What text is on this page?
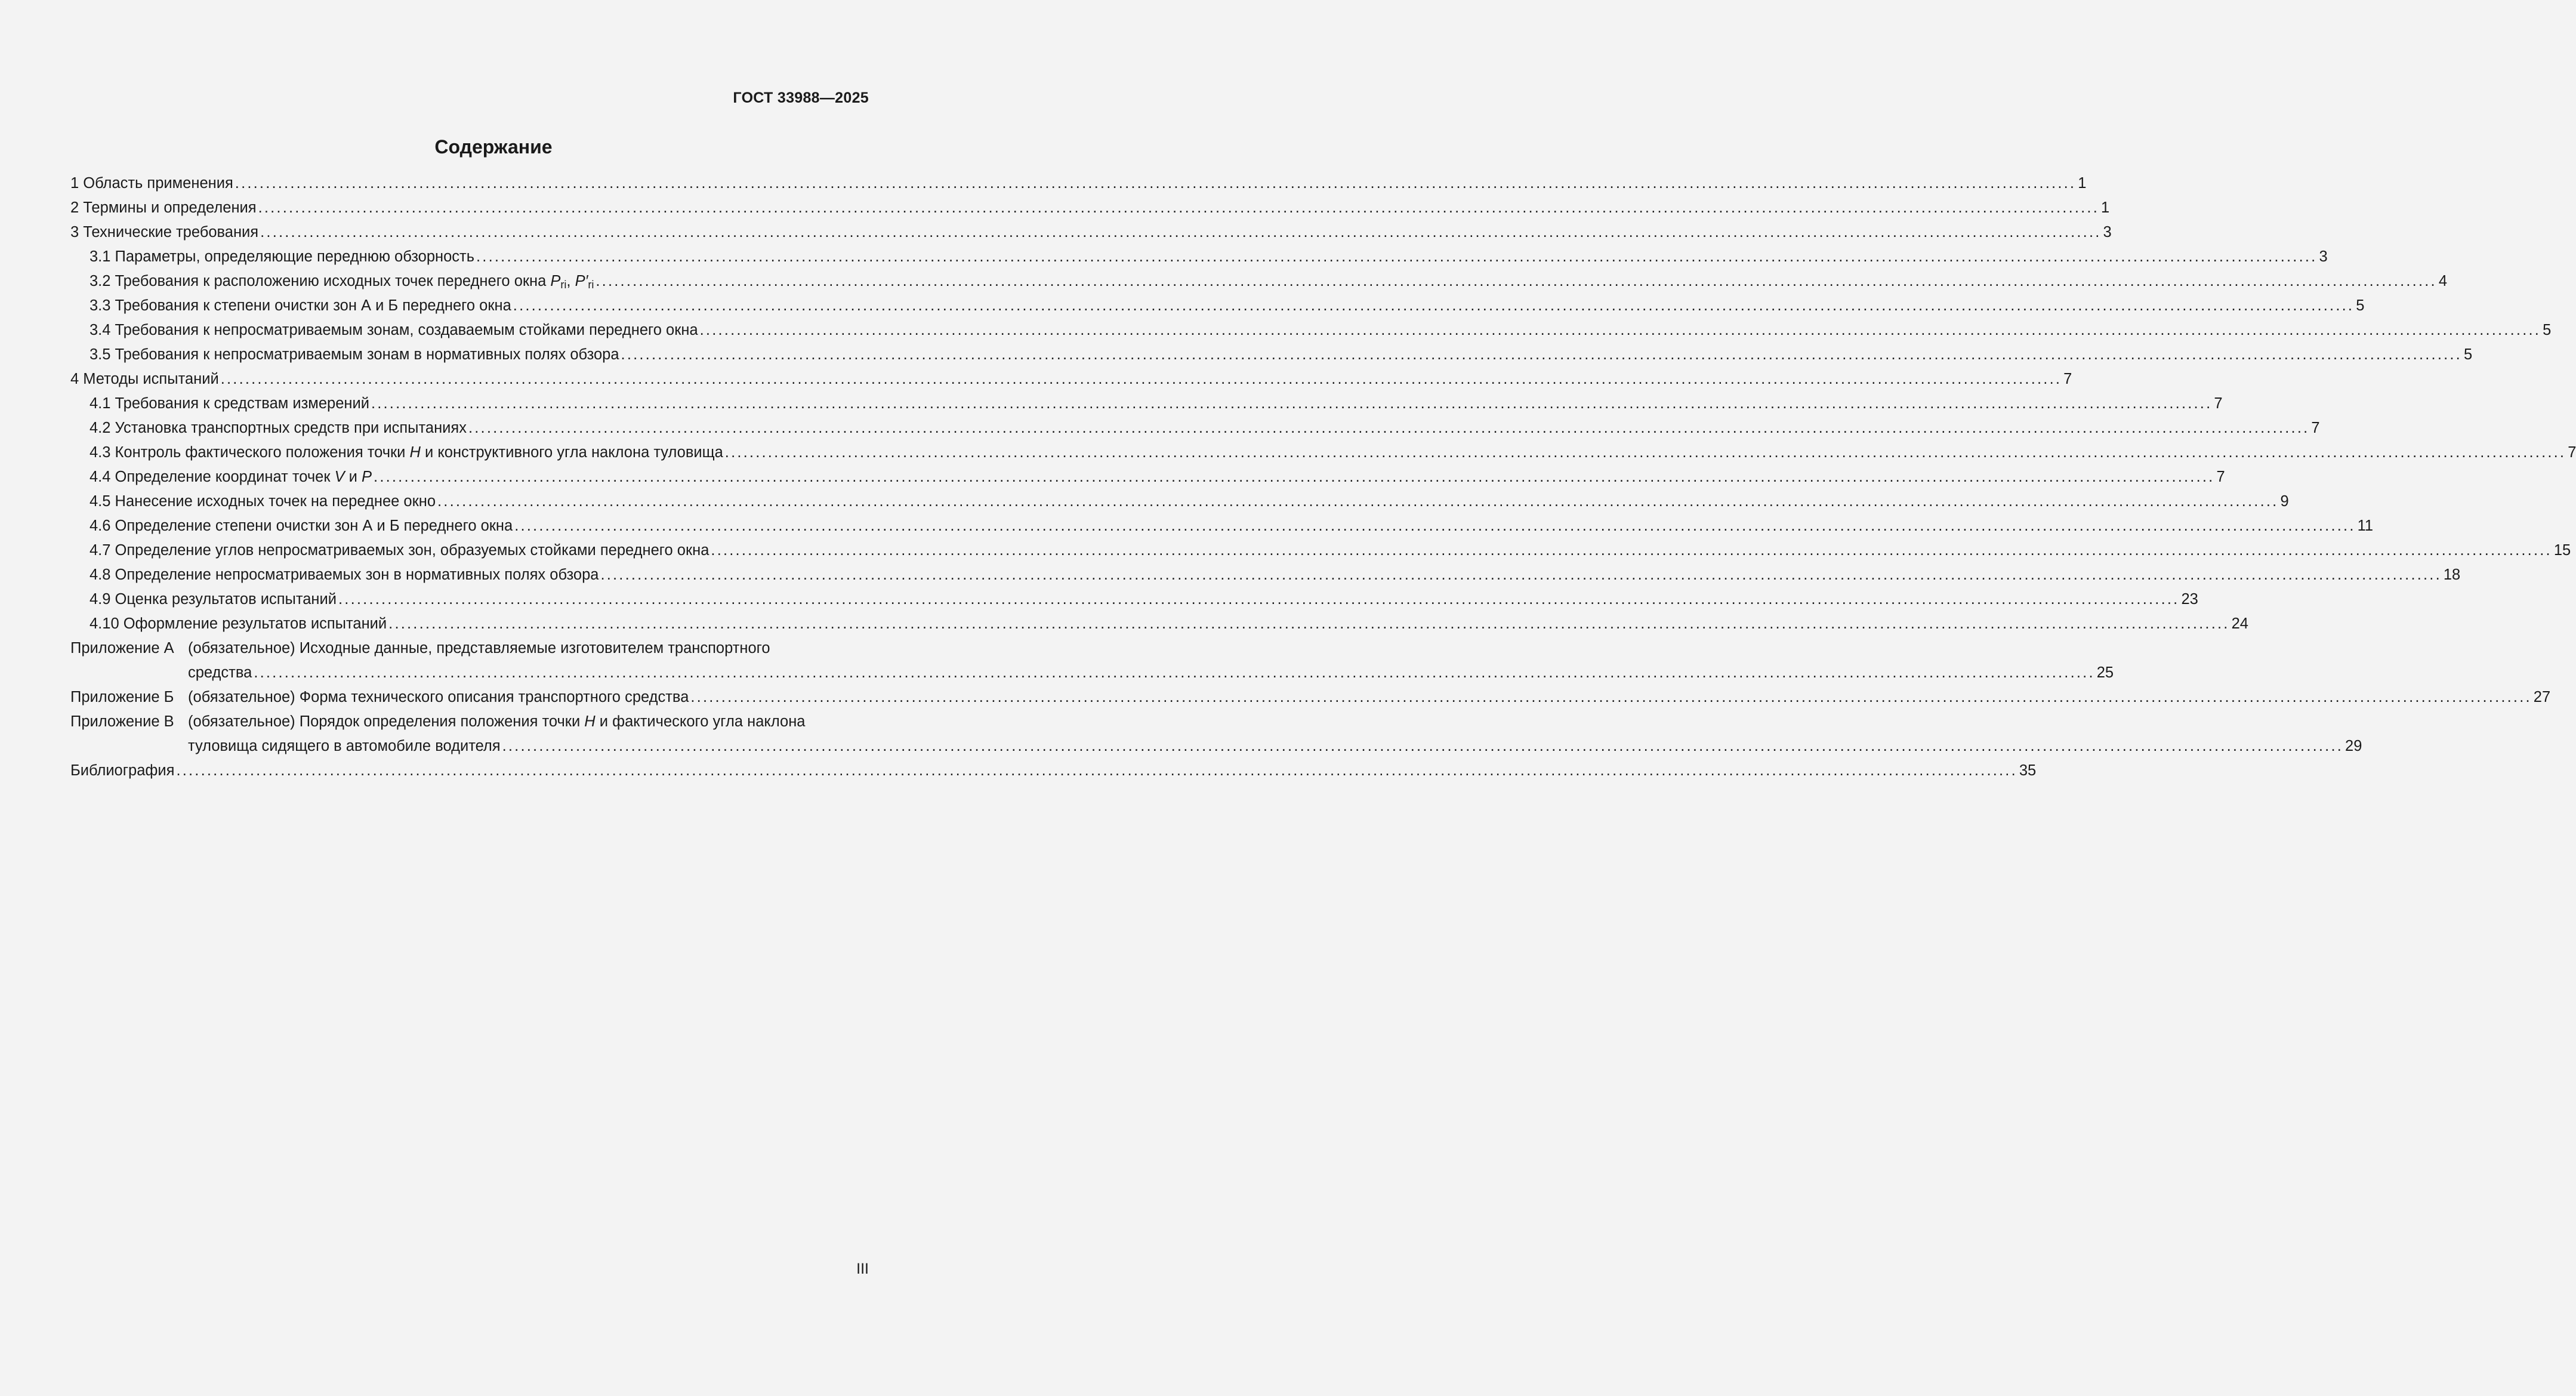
ГОСТ 33988—2025
Содержание
1 Область применения ............................................................................................................................................................................................................................................................................................................ 1
2 Термины и определения ............................................................................................................................................................................................................................................................................................................ 1
3 Технические требования ............................................................................................................................................................................................................................................................................................................ 3
3.1 Параметры, определяющие переднюю обзорность ............................................................................................................................................................................................................................................................................................................ 3
3.2 Требования к расположению исходных точек переднего окна $P_{ri}$, $P'_{ri}$ ............................................................................................................................................................................................................................................................................................................ 4
3.3 Требования к степени очистки зон А и Б переднего окна ............................................................................................................................................................................................................................................................................................................ 5
3.4 Требования к непросматриваемым зонам, создаваемым стойками переднего окна ............................................................................................................................................................................................................................................................................................................ 5
3.5 Требования к непросматриваемым зонам в нормативных полях обзора ............................................................................................................................................................................................................................................................................................................ 5
4 Методы испытаний ............................................................................................................................................................................................................................................................................................................ 7
4.1 Требования к средствам измерений ............................................................................................................................................................................................................................................................................................................ 7
4.2 Установка транспортных средств при испытаниях ............................................................................................................................................................................................................................................................................................................ 7
4.3 Контроль фактического положения точки H и конструктивного угла наклона туловища ............................................................................................................................................................................................................................................................................................................ 7
4.4 Определение координат точек V и P ............................................................................................................................................................................................................................................................................................................ 7
4.5 Нанесение исходных точек на переднее окно ............................................................................................................................................................................................................................................................................................................ 9
4.6 Определение степени очистки зон А и Б переднего окна ............................................................................................................................................................................................................................................................................................................ 11
4.7 Определение углов непросматриваемых зон, образуемых стойками переднего окна ............................................................................................................................................................................................................................................................................................................ 15
4.8 Определение непросматриваемых зон в нормативных полях обзора ............................................................................................................................................................................................................................................................................................................ 18
4.9 Оценка результатов испытаний ............................................................................................................................................................................................................................................................................................................ 23
4.10 Оформление результатов испытаний ............................................................................................................................................................................................................................................................................................................ 24
Приложение А (обязательное) Исходные данные, представляемые изготовителем транспортного
средства ............................................................................................................................................................................................................................................................................................................ 25
Приложение Б (обязательное) Форма технического описания транспортного средства ............................................................................................................................................................................................................................................................................................................ 27
Приложение В (обязательное) Порядок определения положения точки H и фактического угла наклона
туловища сидящего в автомобиле водителя ............................................................................................................................................................................................................................................................................................................ 29
Библиография ............................................................................................................................................................................................................................................................................................................ 35
III
